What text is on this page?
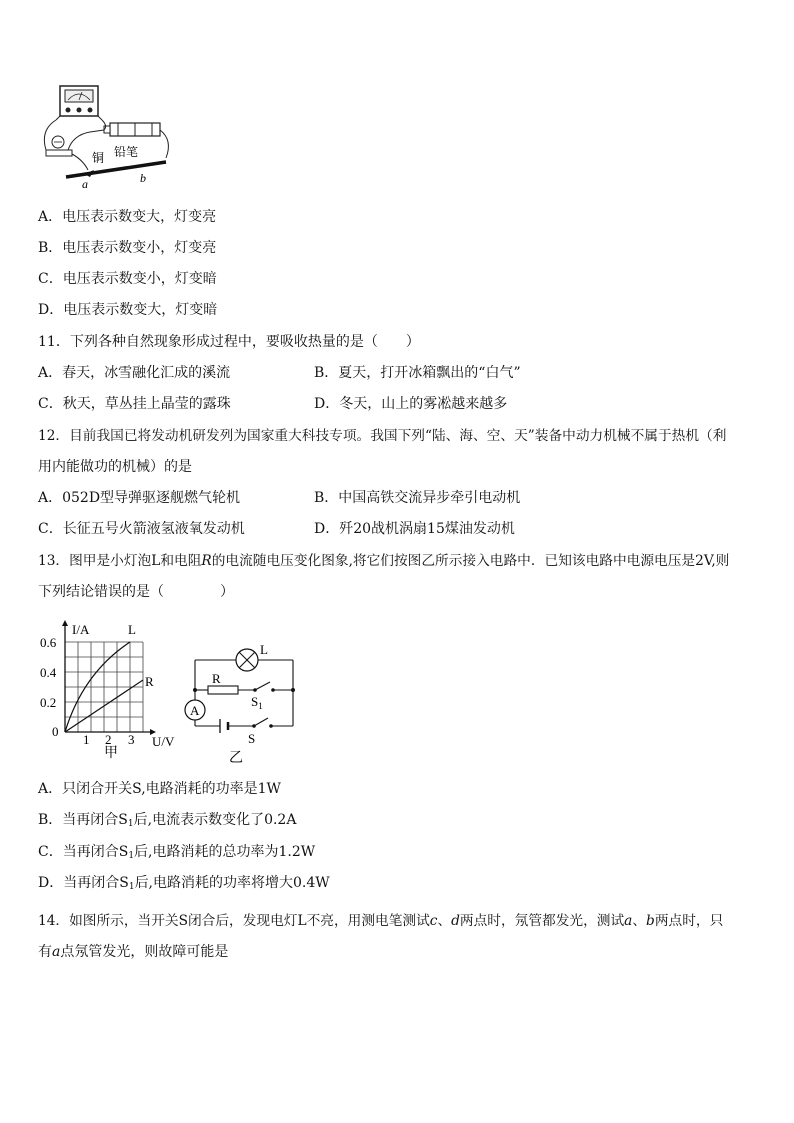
铜 铅笔
a	b
A．电压表示数变大，灯变亮
B．电压表示数变小，灯变亮
C．电压表示数变小，灯变暗
D．电压表示数变大，灯变暗
11．下列各种自然现象形成过程中，要吸收热量的是（　　）
A．春天，冰雪融化汇成的溪流	B．夏天，打开冰箱飘出的“白气”
C．秋天，草丛挂上晶莹的露珠	D．冬天，山上的雾凇越来越多
12．目前我国已将发动机研发列为国家重大科技专项。我国下列“陆、海、空、天”装备中动力机械不属于热机（利
用内能做功的机械）的是
A．052D型导弹驱逐舰燃气轮机	B．中国高铁交流异步牵引电动机
C．长征五号火箭液氢液氧发动机	D．歼20战机涡扇15煤油发动机
13．图甲是小灯泡L和电阻R的电流随电压变化图象,将它们按图乙所示接入电路中．已知该电路中电源电压是2V,则
下列结论错误的是（　　　　）
I/A	L
R
0.6
0.4
0.2
0
1 2 3 U/V
甲
L
R
$S_1$
A
S
乙
A．只闭合开关S,电路消耗的功率是1W
B．当再闭合$S_1$后,电流表示数变化了0.2A
C．当再闭合$S_1$后,电路消耗的总功率为1.2W
D．当再闭合$S_1$后,电路消耗的功率将增大0.4W
14．如图所示，当开关S闭合后，发现电灯L不亮，用测电笔测试c、d两点时，氖管都发光，测试a、b两点时，只
有a点氖管发光，则故障可能是
